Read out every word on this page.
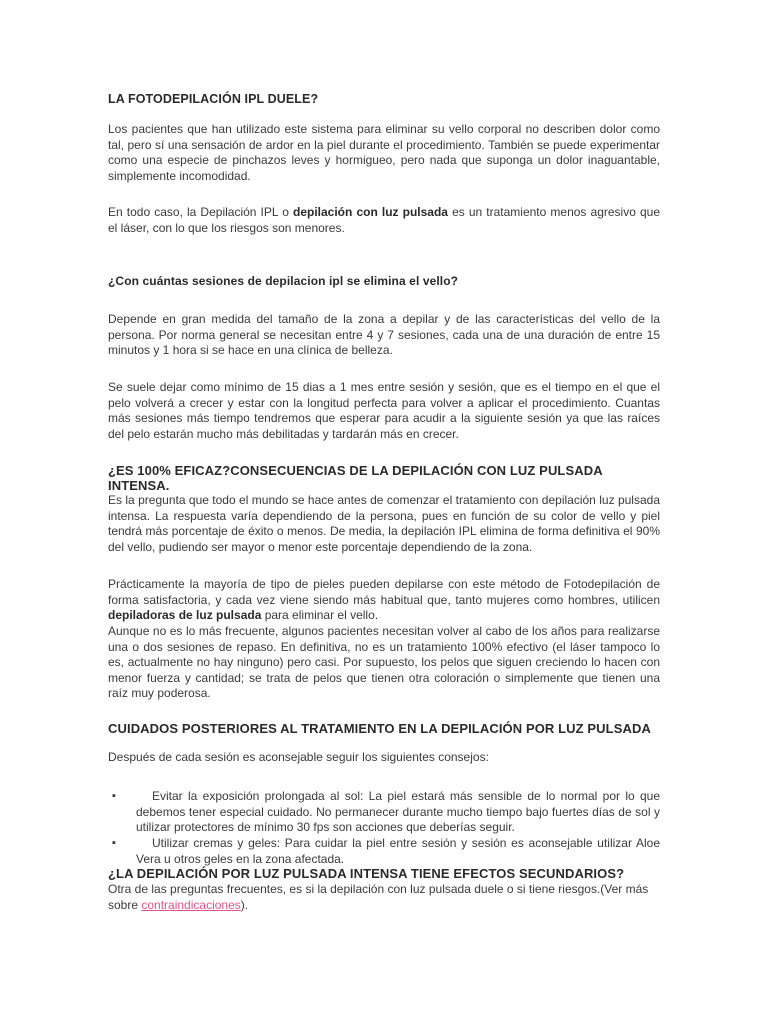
LA FOTODEPILACIÓN IPL DUELE?

Los pacientes que han utilizado este sistema para eliminar su vello corporal no describen dolor como tal, pero sí una sensación de ardor en la piel durante el procedimiento. También se puede experimentar como una especie de pinchazos leves y hormigueo, pero nada que suponga un dolor inaguantable, simplemente incomodidad.

En todo caso, la Depilación IPL o depilación con luz pulsada es un tratamiento menos agresivo que el láser, con lo que los riesgos son menores.

¿Con cuántas sesiones de depilacion ipl se elimina el vello?

Depende en gran medida del tamaño de la zona a depilar y de las características del vello de la persona. Por norma general se necesitan entre 4 y 7 sesiones, cada una de una duración de entre 15 minutos y 1 hora si se hace en una clínica de belleza.

Se suele dejar como mínimo de 15 dias a 1 mes entre sesión y sesión, que es el tiempo en el que el pelo volverá a crecer y estar con la longitud perfecta para volver a aplicar el procedimiento. Cuantas más sesiones más tiempo tendremos que esperar para acudir a la siguiente sesión ya que las raíces del pelo estarán mucho más debilitadas y tardarán más en crecer.

¿ES 100% EFICAZ?CONSECUENCIAS DE LA DEPILACIÓN CON LUZ PULSADA INTENSA.

Es la pregunta que todo el mundo se hace antes de comenzar el tratamiento con depilación luz pulsada intensa. La respuesta varía dependiendo de la persona, pues en función de su color de vello y piel tendrá más porcentaje de éxito o menos. De media, la depilación IPL elimina de forma definitiva el 90% del vello, pudiendo ser mayor o menor este porcentaje dependiendo de la zona.

Prácticamente la mayoría de tipo de pieles pueden depilarse con este método de Fotodepilación de forma satisfactoria, y cada vez viene siendo más habitual que, tanto mujeres como hombres, utilicen depiladoras de luz pulsada para eliminar el vello.

Aunque no es lo más frecuente, algunos pacientes necesitan volver al cabo de los años para realizarse una o dos sesiones de repaso. En definitiva, no es un tratamiento 100% efectivo (el láser tampoco lo es, actualmente no hay ninguno) pero casi. Por supuesto, los pelos que siguen creciendo lo hacen con menor fuerza y cantidad; se trata de pelos que tienen otra coloración o simplemente que tienen una raíz muy poderosa.

CUIDADOS POSTERIORES AL TRATAMIENTO EN LA DEPILACIÓN POR LUZ PULSADA

Después de cada sesión es aconsejable seguir los siguientes consejos:

▪	Evitar la exposición prolongada al sol: La piel estará más sensible de lo normal por lo que debemos tener especial cuidado. No permanecer durante mucho tiempo bajo fuertes días de sol y utilizar protectores de mínimo 30 fps son acciones que deberías seguir.

▪	Utilizar cremas y geles: Para cuidar la piel entre sesión y sesión es aconsejable utilizar Aloe Vera u otros geles en la zona afectada.

¿LA DEPILACIÓN POR LUZ PULSADA INTENSA TIENE EFECTOS SECUNDARIOS?

Otra de las preguntas frecuentes, es si la depilación con luz pulsada duele o si tiene riesgos.(Ver más sobre contraindicaciones).
